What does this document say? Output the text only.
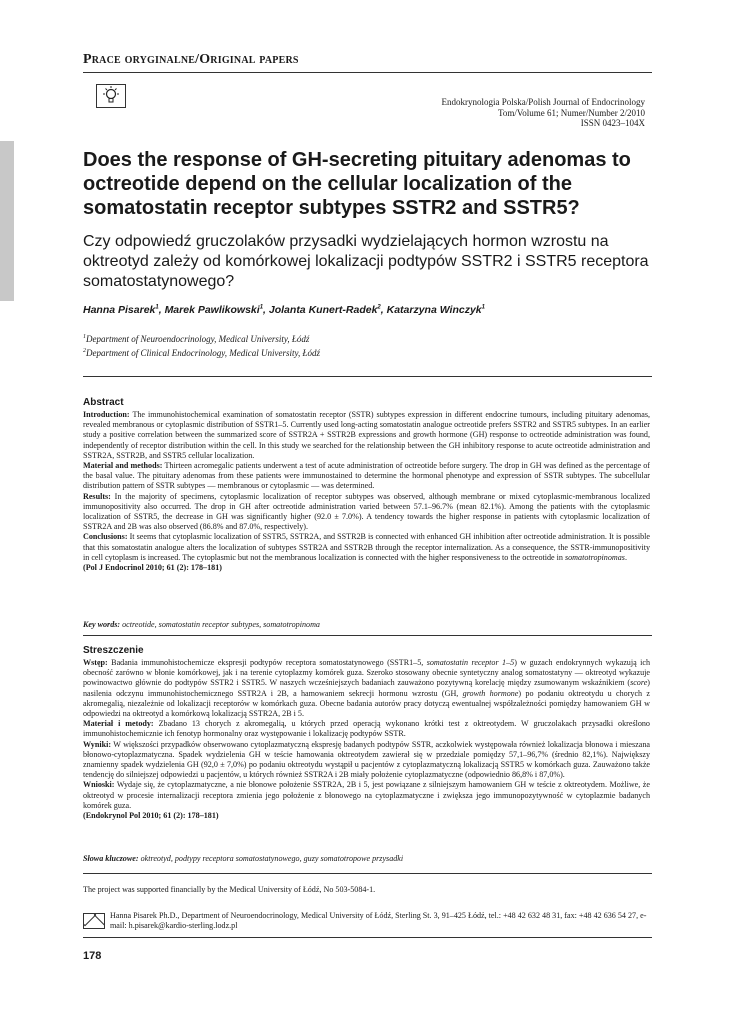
Prace oryginalne/Original papers
Endokrynologia Polska/Polish Journal of Endocrinology
Tom/Volume 61; Numer/Number 2/2010
ISSN 0423–104X
Does the response of GH-secreting pituitary adenomas to octreotide depend on the cellular localization of the somatostatin receptor subtypes SSTR2 and SSTR5?
Czy odpowiedź gruczolaków przysadki wydzielających hormon wzrostu na oktreotyd zależy od komórkowej lokalizacji podtypów SSTR2 i SSTR5 receptora somatostatynowego?
Hanna Pisarek$^1$, Marek Pawlikowski$^1$, Jolanta Kunert-Radek$^2$, Katarzyna Winczyk$^1$
$^1$Department of Neuroendocrinology, Medical University, Łódź
$^2$Department of Clinical Endocrinology, Medical University, Łódź
Abstract
Introduction: The immunohistochemical examination of somatostatin receptor (SSTR) subtypes expression in different endocrine tumours, including pituitary adenomas, revealed membranous or cytoplasmic distribution of SSTR1–5. Currently used long-acting somatostatin analogue octreotide prefers SSTR2 and SSTR5 subtypes. In an earlier study a positive correlation between the summarized score of SSTR2A + SSTR2B expressions and growth hormone (GH) response to octreotide administration was found, independently of receptor distribution within the cell. In this study we searched for the relationship between the GH inhibitory response to acute octreotide administration and SSTR2A, SSTR2B, and SSTR5 cellular localization.
Material and methods: Thirteen acromegalic patients underwent a test of acute administration of octreotide before surgery. The drop in GH was defined as the percentage of the basal value. The pituitary adenomas from these patients were immunostained to determine the hormonal phenotype and expression of SSTR subtypes. The subcellular distribution pattern of SSTR subtypes — membranous or cytoplasmic — was determined.
Results: In the majority of specimens, cytoplasmic localization of receptor subtypes was observed, although membrane or mixed cytoplasmic-membranous localized immunopositivity also occurred. The drop in GH after octreotide administration varied between 57.1–96.7% (mean 82.1%). Among the patients with the cytoplasmic localization of SSTR5, the decrease in GH was significantly higher (92.0 ± 7.0%). A tendency towards the higher response in patients with cytoplasmic localization of SSTR2A and 2B was also observed (86.8% and 87.0%, respectively).
Conclusions: It seems that cytoplasmic localization of SSTR5, SSTR2A, and SSTR2B is connected with enhanced GH inhibition after octreotide administration. It is possible that this somatostatin analogue alters the localization of subtypes SSTR2A and SSTR2B through the receptor internalization. As a consequence, the SSTR-immunopositivity in cell cytoplasm is increased. The cytoplasmic but not the membranous localization is connected with the higher responsiveness to the octreotide in somatotropinomas.
(Pol J Endocrinol 2010; 61 (2): 178–181)
Key words: octreotide, somatostatin receptor subtypes, somatotropinoma
Streszczenie
Wstęp: Badania immunohistochemicze ekspresji podtypów receptora somatostatynowego (SSTR1–5, somatostatin receptor 1–5) w guzach endokrynnych wykazują ich obecność zarówno w błonie komórkowej, jak i na terenie cytoplazmy komórek guza. Szeroko stosowany obecnie syntetyczny analog somatostatyny — oktreotyd wykazuje powinowactwo głównie do podtypów SSTR2 i SSTR5. W naszych wcześniejszych badaniach zauważono pozytywną korelację między zsumowanym wskaźnikiem (score) nasilenia odczynu immunohistochemicznego SSTR2A i 2B, a hamowaniem sekrecji hormonu wzrostu (GH, growth hormone) po podaniu oktreotydu u chorych z akromegalią, niezależnie od lokalizacji receptorów w komórkach guza. Obecne badania autorów pracy dotyczą ewentualnej współzależności pomiędzy hamowaniem GH w odpowiedzi na oktreotyd a komórkową lokalizacją SSTR2A, 2B i 5.
Materiał i metody: Zbadano 13 chorych z akromegalią, u których przed operacją wykonano krótki test z oktreotydem. W gruczolakach przysadki określono immunohistochemicznie ich fenotyp hormonalny oraz występowanie i lokalizację podtypów SSTR.
Wyniki: W większości przypadków obserwowano cytoplazmatyczną ekspresję badanych podtypów SSTR, aczkolwiek występowała również lokalizacja błonowa i mieszana błonowo-cytoplazmatyczna. Spadek wydzielenia GH w teście hamowania oktreotydem zawierał się w przedziale pomiędzy 57,1–96,7% (średnio 82,1%). Największy znamienny spadek wydzielenia GH (92,0 ± 7,0%) po podaniu oktreotydu wystąpił u pacjentów z cytoplazmatyczną lokalizacją SSTR5 w komórkach guza. Zauważono także tendencję do silniejszej odpowiedzi u pacjentów, u których również SSTR2A i 2B miały położenie cytoplazmatyczne (odpowiednio 86,8% i 87,0%).
Wnioski: Wydaje się, że cytoplazmatyczne, a nie błonowe położenie SSTR2A, 2B i 5, jest powiązane z silniejszym hamowaniem GH w teście z oktreotydem. Możliwe, że oktreotyd w procesie internalizacji receptora zmienia jego położenie z błonowego na cytoplazmatyczne i zwiększa jego immunopozytywność w cytoplazmie badanych komórek guza.
(Endokrynol Pol 2010; 61 (2): 178–181)
Słowa kluczowe: oktreotyd, podtypy receptora somatostatynowego, guzy somatotropowe przysadki
The project was supported financially by the Medical University of Łódź, No 503-5084-1.
Hanna Pisarek Ph.D., Department of Neuroendocrinology, Medical University of Łódź, Sterling St. 3, 91–425 Łódź, tel.: +48 42 632 48 31, fax: +48 42 636 54 27, e-mail: h.pisarek@kardio-sterling.lodz.pl
178
